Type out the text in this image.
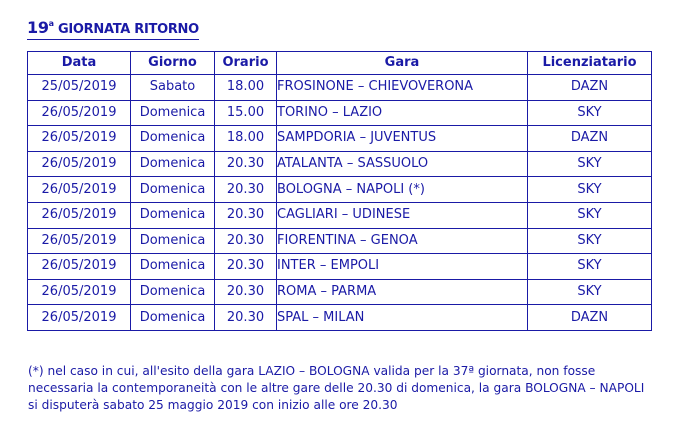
19$^a$ GIORNATA RITORNO
Data	Giorno	Orario	Gara	Licenziatario
25/05/2019	Sabato	18.00	FROSINONE – CHIEVOVERONA	DAZN
26/05/2019	Domenica	15.00	TORINO – LAZIO	SKY
26/05/2019	Domenica	18.00	SAMPDORIA – JUVENTUS	DAZN
26/05/2019	Domenica	20.30	ATALANTA – SASSUOLO	SKY
26/05/2019	Domenica	20.30	BOLOGNA – NAPOLI (*)	SKY
26/05/2019	Domenica	20.30	CAGLIARI – UDINESE	SKY
26/05/2019	Domenica	20.30	FIORENTINA – GENOA	SKY
26/05/2019	Domenica	20.30	INTER – EMPOLI	SKY
26/05/2019	Domenica	20.30	ROMA – PARMA	SKY
26/05/2019	Domenica	20.30	SPAL – MILAN	DAZN
(*) nel caso in cui, all'esito della gara LAZIO – BOLOGNA valida per la 37ª giornata, non fosse necessaria la contemporaneità con le altre gare delle 20.30 di domenica, la gara BOLOGNA – NAPOLI si disputerà sabato 25 maggio 2019 con inizio alle ore 20.30
